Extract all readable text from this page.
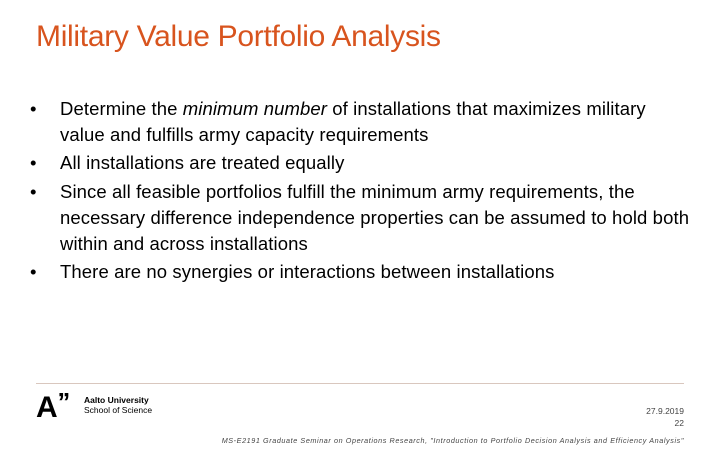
Military Value Portfolio Analysis
•	Determine the minimum number of installations that maximizes military value and fulfills army capacity requirements
•	All installations are treated equally
•	Since all feasible portfolios fulfill the minimum army requirements, the necessary difference independence properties can be assumed to hold both within and across installations
•	There are no synergies or interactions between installations
A’’ Aalto University
School of Science	27.9.2019
22
MS-E2191 Graduate Seminar on Operations Research, "Introduction to Portfolio Decision Analysis and Efficiency Analysis"
